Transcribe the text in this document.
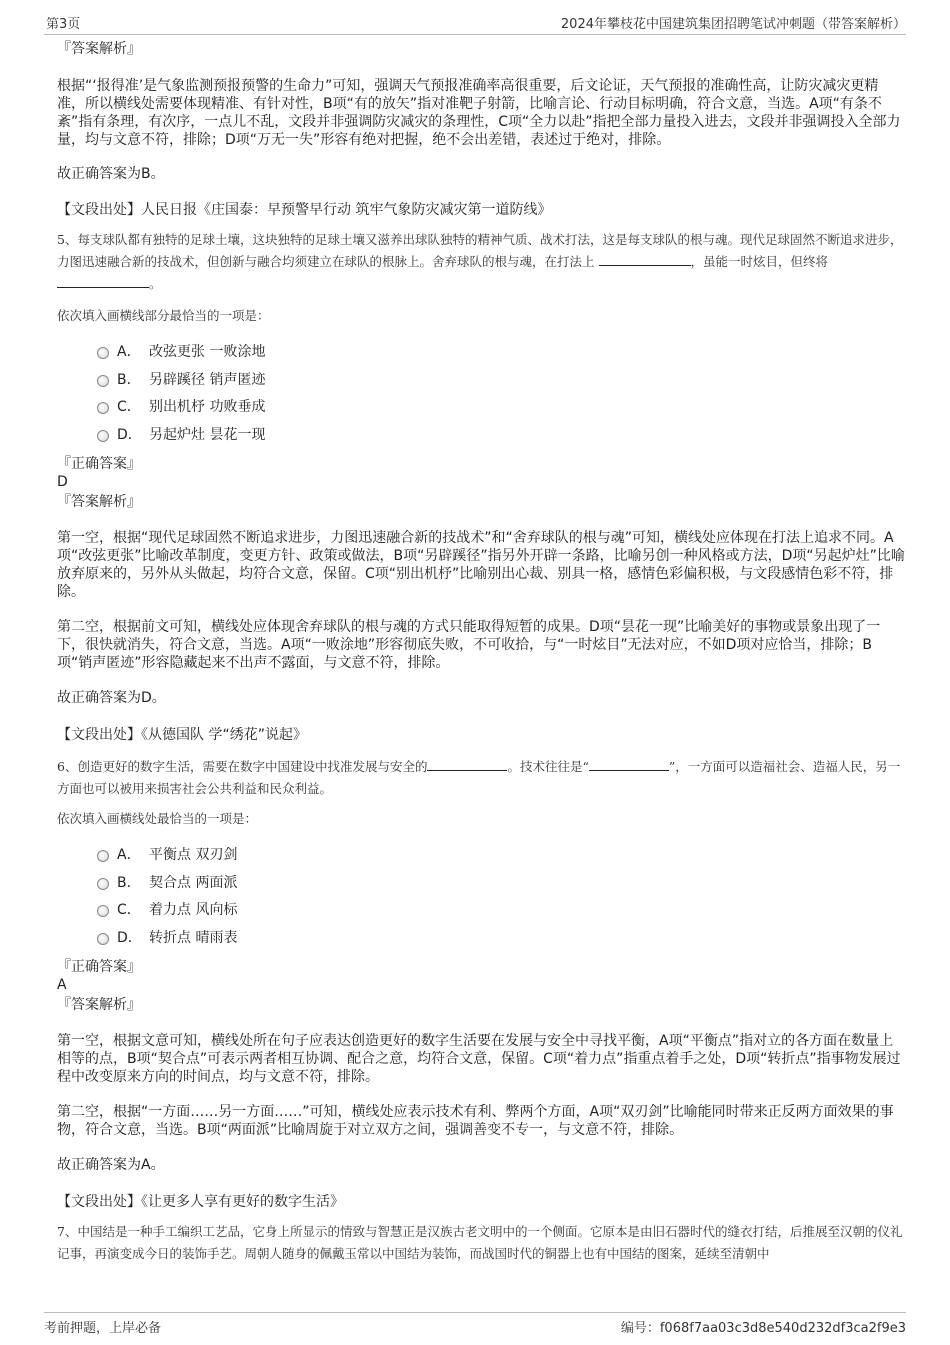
第3页	2024年攀枝花中国建筑集团招聘笔试冲刺题（带答案解析）
『答案解析』
根据“‘报得准’是气象监测预报预警的生命力”可知，强调天气预报准确率高很重要，后文论证，天气预报的准确性高，让防灾减灾更精准，所以横线处需要体现精准、有针对性，B项“有的放矢”指对准靶子射箭，比喻言论、行动目标明确，符合文意，当选。A项“有条不紊”指有条理，有次序，一点儿不乱，文段并非强调防灾减灾的条理性，C项“全力以赴”指把全部力量投入进去，文段并非强调投入全部力量，均与文意不符，排除；D项“万无一失”形容有绝对把握，绝不会出差错，表述过于绝对，排除。
故正确答案为B。
【文段出处】人民日报《庄国泰：早预警早行动 筑牢气象防灾减灾第一道防线》
5、每支球队都有独特的足球土壤，这块独特的足球土壤又滋养出球队独特的精神气质、战术打法，这是每支球队的根与魂。现代足球固然不断追求进步，力图迅速融合新的技战术，但创新与融合均须建立在球队的根脉上。舍弃球队的根与魂，在打法上	，虽能一时炫目，但终将 。
依次填入画横线部分最恰当的一项是：
A． 改弦更张 一败涂地
B． 另辟蹊径 销声匿迹
C． 别出机杼 功败垂成
D． 另起炉灶 昙花一现
『正确答案』
D
『答案解析』
第一空，根据“现代足球固然不断追求进步，力图迅速融合新的技战术”和“舍弃球队的根与魂”可知，横线处应体现在打法上追求不同。A项“改弦更张”比喻改革制度，变更方针、政策或做法，B项“另辟蹊径”指另外开辟一条路，比喻另创一种风格或方法，D项“另起炉灶”比喻放弃原来的，另外从头做起，均符合文意，保留。C项“别出机杼”比喻别出心裁、别具一格，感情色彩偏积极，与文段感情色彩不符，排除。
第二空，根据前文可知，横线处应体现舍弃球队的根与魂的方式只能取得短暂的成果。D项“昙花一现”比喻美好的事物或景象出现了一下，很快就消失，符合文意，当选。A项“一败涂地”形容彻底失败，不可收拾，与“一时炫目”无法对应，不如D项对应恰当，排除；B项“销声匿迹”形容隐藏起来不出声不露面，与文意不符，排除。
故正确答案为D。
【文段出处】《从德国队 学“绣花”说起》
6、创造更好的数字生活，需要在数字中国建设中找准发展与安全的	。技术往往是“	”，一方面可以造福社会、造福人民，另一方面也可以被用来损害社会公共利益和民众利益。
依次填入画横线处最恰当的一项是：
A． 平衡点 双刃剑
B． 契合点 两面派
C． 着力点 风向标
D． 转折点 晴雨表
『正确答案』
A
『答案解析』
第一空，根据文意可知，横线处所在句子应表达创造更好的数字生活要在发展与安全中寻找平衡，A项“平衡点”指对立的各方面在数量上相等的点，B项“契合点”可表示两者相互协调、配合之意，均符合文意，保留。C项“着力点”指重点着手之处，D项“转折点”指事物发展过程中改变原来方向的时间点，均与文意不符，排除。
第二空，根据“一方面……另一方面……”可知，横线处应表示技术有利、弊两个方面，A项“双刃剑”比喻能同时带来正反两方面效果的事物，符合文意，当选。B项“两面派”比喻周旋于对立双方之间，强调善变不专一，与文意不符，排除。
故正确答案为A。
【文段出处】《让更多人享有更好的数字生活》
7、中国结是一种手工编织工艺品，它身上所显示的情致与智慧正是汉族古老文明中的一个侧面。它原本是由旧石器时代的缝衣打结，后推展至汉朝的仪礼记事，再演变成今日的装饰手艺。周朝人随身的佩戴玉常以中国结为装饰，而战国时代的铜器上也有中国结的图案，延续至清朝中
考前押题，上岸必备	编号：f068f7aa03c3d8e540d232df3ca2f9e3
